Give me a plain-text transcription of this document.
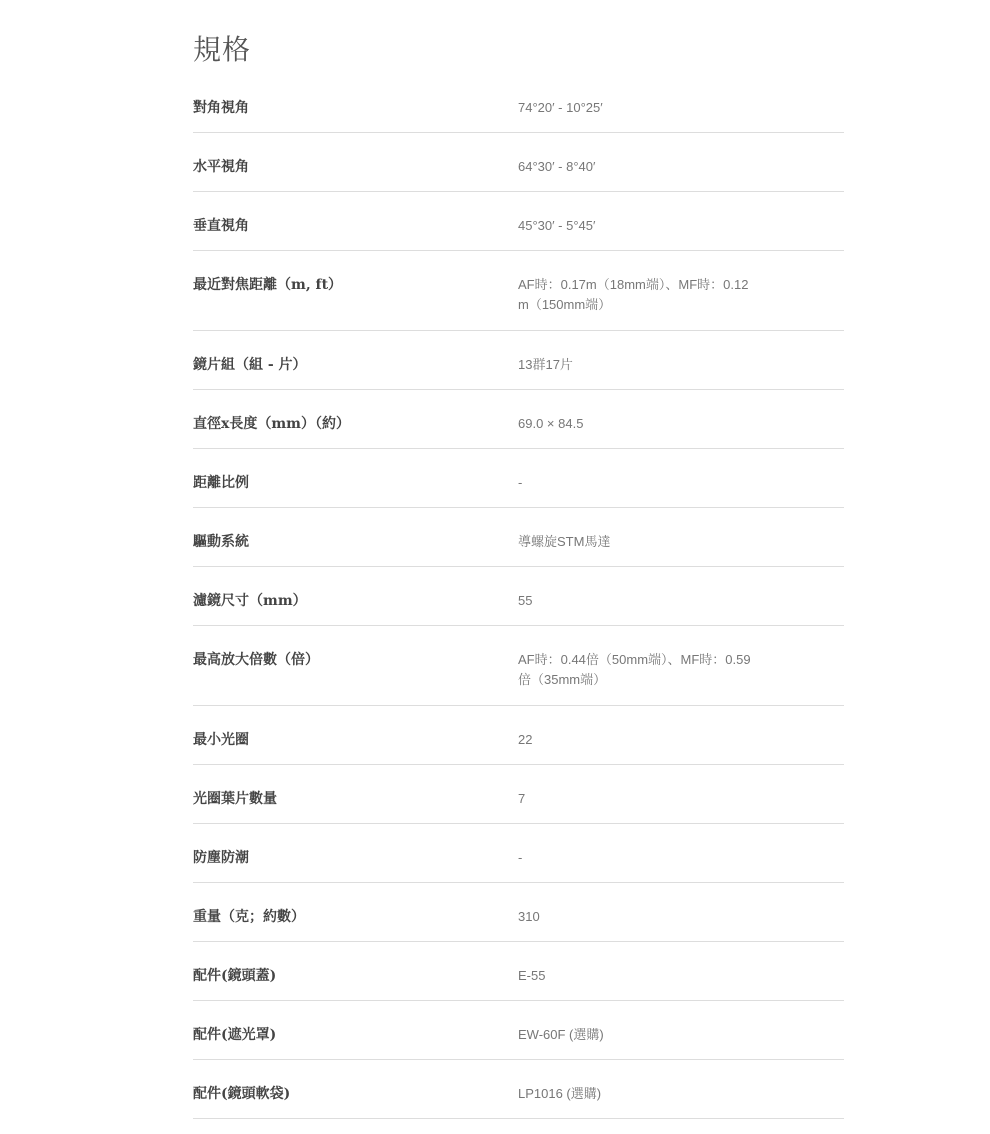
規格
對角視角	74°20′ - 10°25′
水平視角	64°30′ - 8°40′
垂直視角	45°30′ - 5°45′
最近對焦距離（m, ft）	AF時：0.17m（18mm端）、MF時：0.12m（150mm端）
鏡片組（組 - 片）	13群17片
直徑x長度（mm）（約）	69.0 × 84.5
距離比例	-
驅動系統	導螺旋STM馬達
濾鏡尺寸（mm）	55
最高放大倍數（倍）	AF時：0.44倍（50mm端）、MF時：0.59倍（35mm端）
最小光圈	22
光圈葉片數量	7
防塵防潮	-
重量（克；約數）	310
配件(鏡頭蓋)	E-55
配件(遮光罩)	EW-60F (選購)
配件(鏡頭軟袋)	LP1016 (選購)
